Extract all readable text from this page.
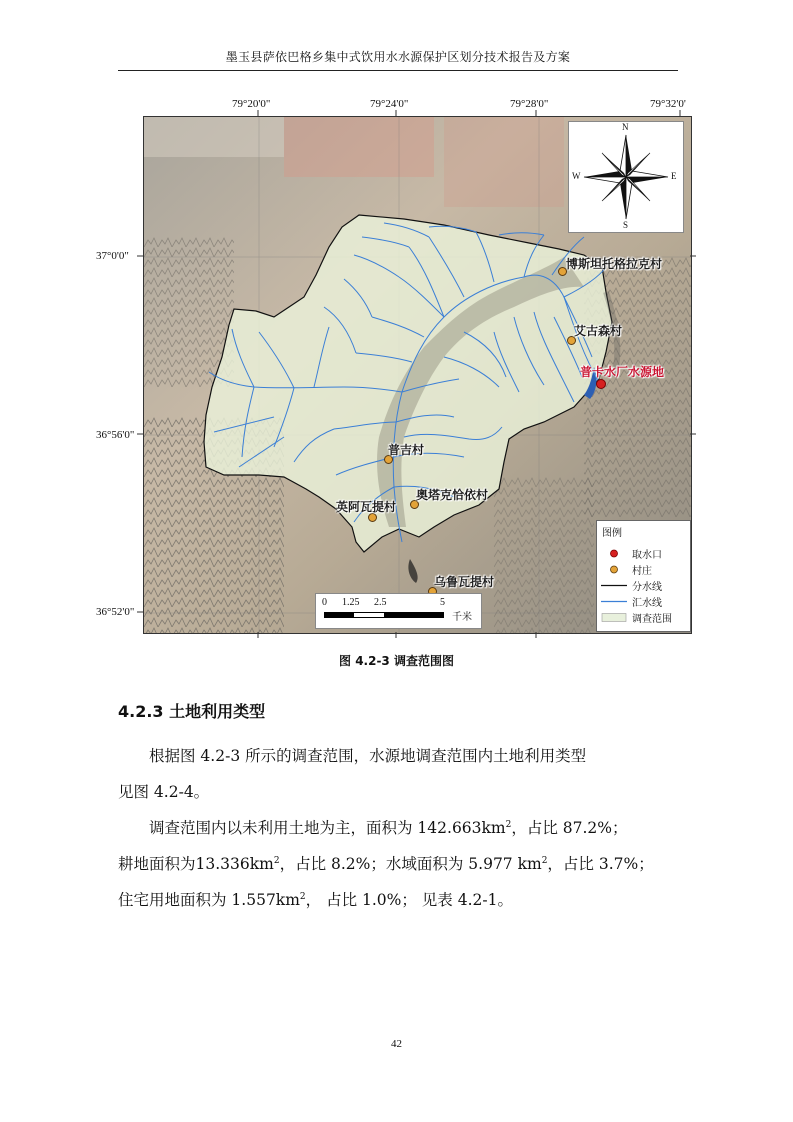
墨玉县萨依巴格乡集中式饮用水水源保护区划分技术报告及方案
79°20'0"	79°24'0"	79°28'0"	79°32'0'
37°0'0"
36°56'0"
36°52'0"
N
S
E
W
博斯坦托格拉克村
艾古森村
普卡水厂水源地
普吉村
英阿瓦提村
奥塔克恰依村
乌鲁瓦提村
0 1.25 2.5	5
千米
图例
取水口
村庄
分水线
汇水线
调查范围
图 4.2-3 调查范围图
4.2.3 土地利用类型
根据图 4.2-3 所示的调查范围，水源地调查范围内土地利用类型
见图 4.2-4。
调查范围内以未利用土地为主，面积为 $142.663km^2$，占比 87.2%；
耕地面积为$13.336km^2$，占比 8.2%；水域面积为 5.977 $km^2$，占比 3.7%；
住宅用地面积为 $1.557km^2$， 占比 1.0%； 见表 4.2-1。
42
